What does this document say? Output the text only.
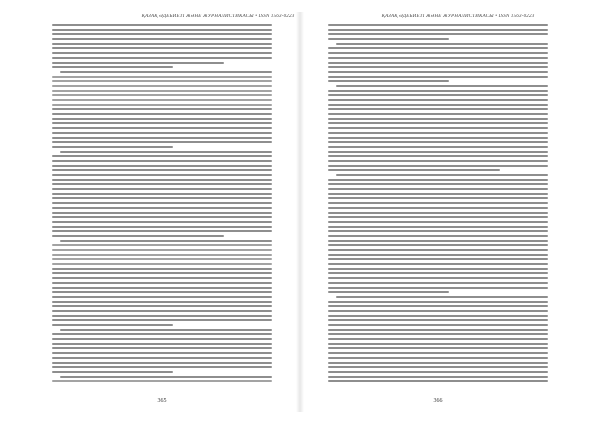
ҚАЗАҚ ӘДЕБИЕТІ ЖӘНЕ ЖУРНАЛИСТИКАСЫ • ISSN 1563-0223
365
ҚАЗАҚ ӘДЕБИЕТІ ЖӘНЕ ЖУРНАЛИСТИКАСЫ • ISSN 1563-0223
366
